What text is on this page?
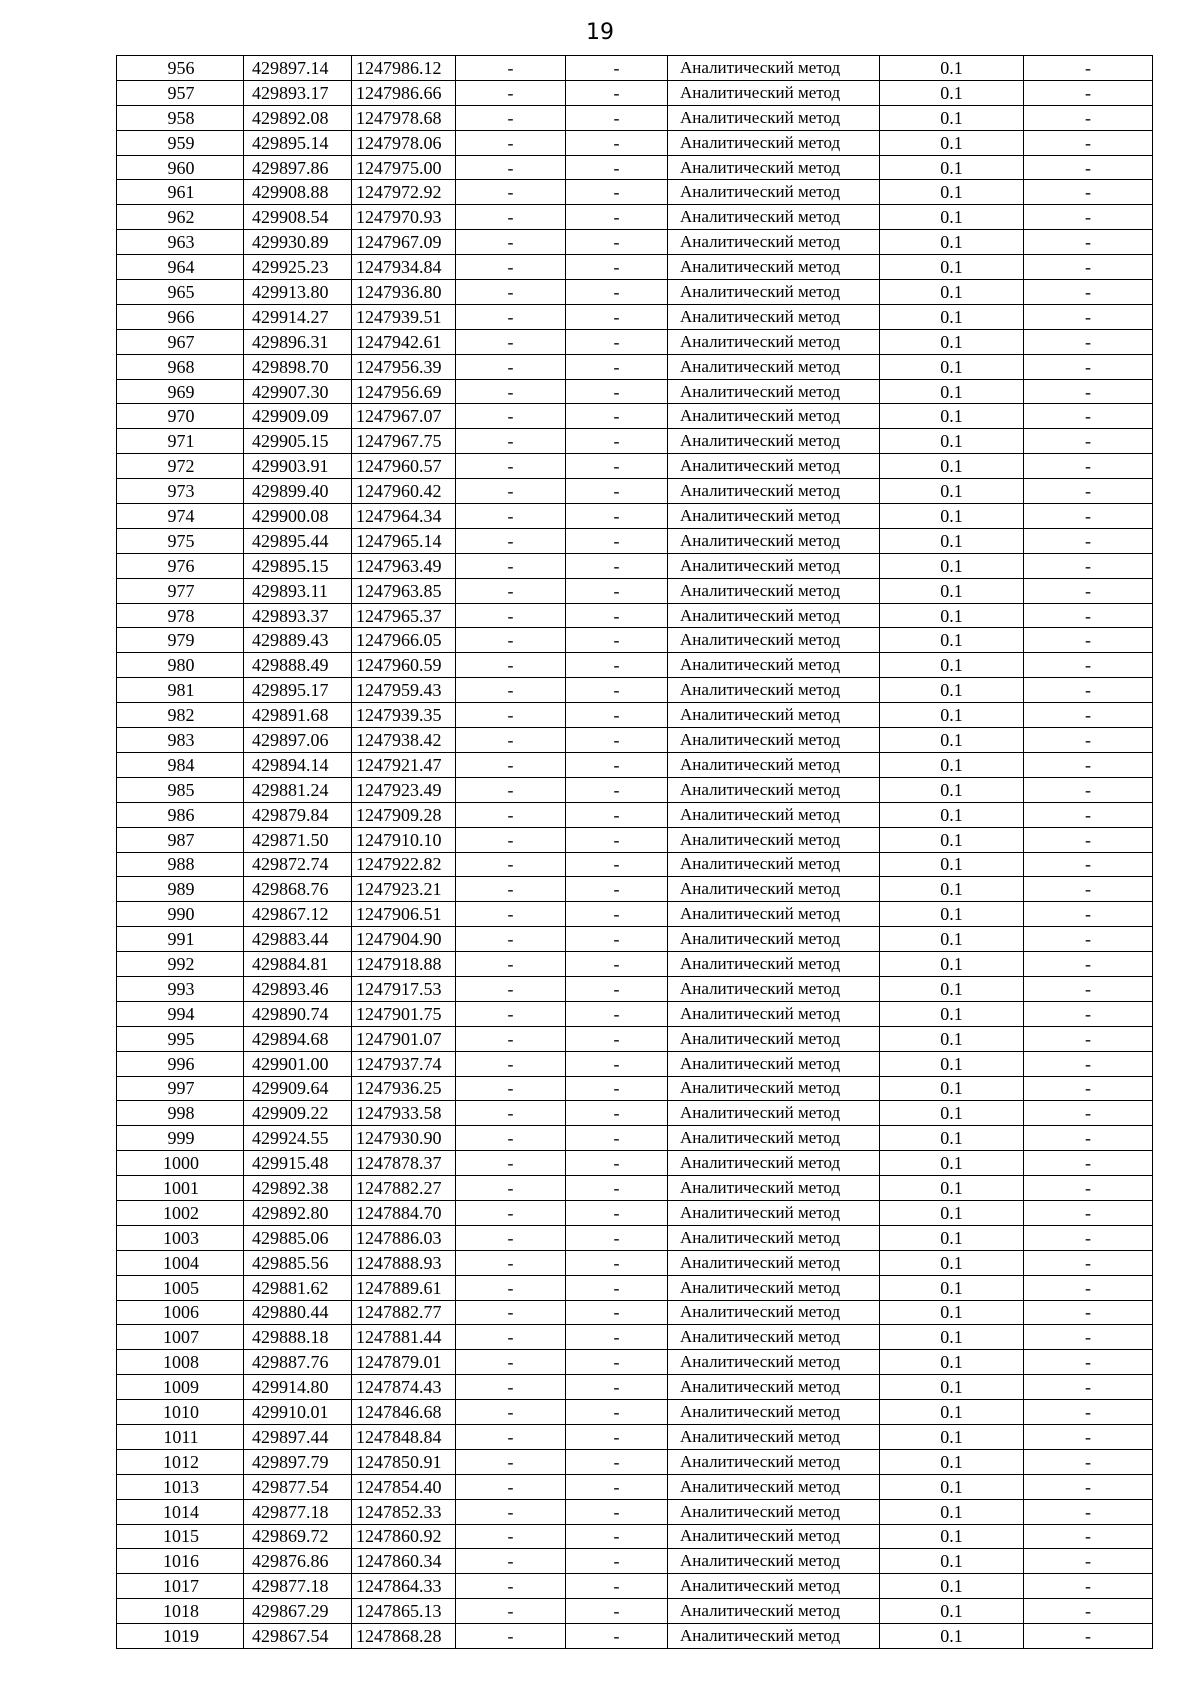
19
956	429897.14	1247986.12	-	-	Аналитический метод	0.1	-
957	429893.17	1247986.66	-	-	Аналитический метод	0.1	-
958	429892.08	1247978.68	-	-	Аналитический метод	0.1	-
959	429895.14	1247978.06	-	-	Аналитический метод	0.1	-
960	429897.86	1247975.00	-	-	Аналитический метод	0.1	-
961	429908.88	1247972.92	-	-	Аналитический метод	0.1	-
962	429908.54	1247970.93	-	-	Аналитический метод	0.1	-
963	429930.89	1247967.09	-	-	Аналитический метод	0.1	-
964	429925.23	1247934.84	-	-	Аналитический метод	0.1	-
965	429913.80	1247936.80	-	-	Аналитический метод	0.1	-
966	429914.27	1247939.51	-	-	Аналитический метод	0.1	-
967	429896.31	1247942.61	-	-	Аналитический метод	0.1	-
968	429898.70	1247956.39	-	-	Аналитический метод	0.1	-
969	429907.30	1247956.69	-	-	Аналитический метод	0.1	-
970	429909.09	1247967.07	-	-	Аналитический метод	0.1	-
971	429905.15	1247967.75	-	-	Аналитический метод	0.1	-
972	429903.91	1247960.57	-	-	Аналитический метод	0.1	-
973	429899.40	1247960.42	-	-	Аналитический метод	0.1	-
974	429900.08	1247964.34	-	-	Аналитический метод	0.1	-
975	429895.44	1247965.14	-	-	Аналитический метод	0.1	-
976	429895.15	1247963.49	-	-	Аналитический метод	0.1	-
977	429893.11	1247963.85	-	-	Аналитический метод	0.1	-
978	429893.37	1247965.37	-	-	Аналитический метод	0.1	-
979	429889.43	1247966.05	-	-	Аналитический метод	0.1	-
980	429888.49	1247960.59	-	-	Аналитический метод	0.1	-
981	429895.17	1247959.43	-	-	Аналитический метод	0.1	-
982	429891.68	1247939.35	-	-	Аналитический метод	0.1	-
983	429897.06	1247938.42	-	-	Аналитический метод	0.1	-
984	429894.14	1247921.47	-	-	Аналитический метод	0.1	-
985	429881.24	1247923.49	-	-	Аналитический метод	0.1	-
986	429879.84	1247909.28	-	-	Аналитический метод	0.1	-
987	429871.50	1247910.10	-	-	Аналитический метод	0.1	-
988	429872.74	1247922.82	-	-	Аналитический метод	0.1	-
989	429868.76	1247923.21	-	-	Аналитический метод	0.1	-
990	429867.12	1247906.51	-	-	Аналитический метод	0.1	-
991	429883.44	1247904.90	-	-	Аналитический метод	0.1	-
992	429884.81	1247918.88	-	-	Аналитический метод	0.1	-
993	429893.46	1247917.53	-	-	Аналитический метод	0.1	-
994	429890.74	1247901.75	-	-	Аналитический метод	0.1	-
995	429894.68	1247901.07	-	-	Аналитический метод	0.1	-
996	429901.00	1247937.74	-	-	Аналитический метод	0.1	-
997	429909.64	1247936.25	-	-	Аналитический метод	0.1	-
998	429909.22	1247933.58	-	-	Аналитический метод	0.1	-
999	429924.55	1247930.90	-	-	Аналитический метод	0.1	-
1000	429915.48	1247878.37	-	-	Аналитический метод	0.1	-
1001	429892.38	1247882.27	-	-	Аналитический метод	0.1	-
1002	429892.80	1247884.70	-	-	Аналитический метод	0.1	-
1003	429885.06	1247886.03	-	-	Аналитический метод	0.1	-
1004	429885.56	1247888.93	-	-	Аналитический метод	0.1	-
1005	429881.62	1247889.61	-	-	Аналитический метод	0.1	-
1006	429880.44	1247882.77	-	-	Аналитический метод	0.1	-
1007	429888.18	1247881.44	-	-	Аналитический метод	0.1	-
1008	429887.76	1247879.01	-	-	Аналитический метод	0.1	-
1009	429914.80	1247874.43	-	-	Аналитический метод	0.1	-
1010	429910.01	1247846.68	-	-	Аналитический метод	0.1	-
1011	429897.44	1247848.84	-	-	Аналитический метод	0.1	-
1012	429897.79	1247850.91	-	-	Аналитический метод	0.1	-
1013	429877.54	1247854.40	-	-	Аналитический метод	0.1	-
1014	429877.18	1247852.33	-	-	Аналитический метод	0.1	-
1015	429869.72	1247860.92	-	-	Аналитический метод	0.1	-
1016	429876.86	1247860.34	-	-	Аналитический метод	0.1	-
1017	429877.18	1247864.33	-	-	Аналитический метод	0.1	-
1018	429867.29	1247865.13	-	-	Аналитический метод	0.1	-
1019	429867.54	1247868.28	-	-	Аналитический метод	0.1	-
